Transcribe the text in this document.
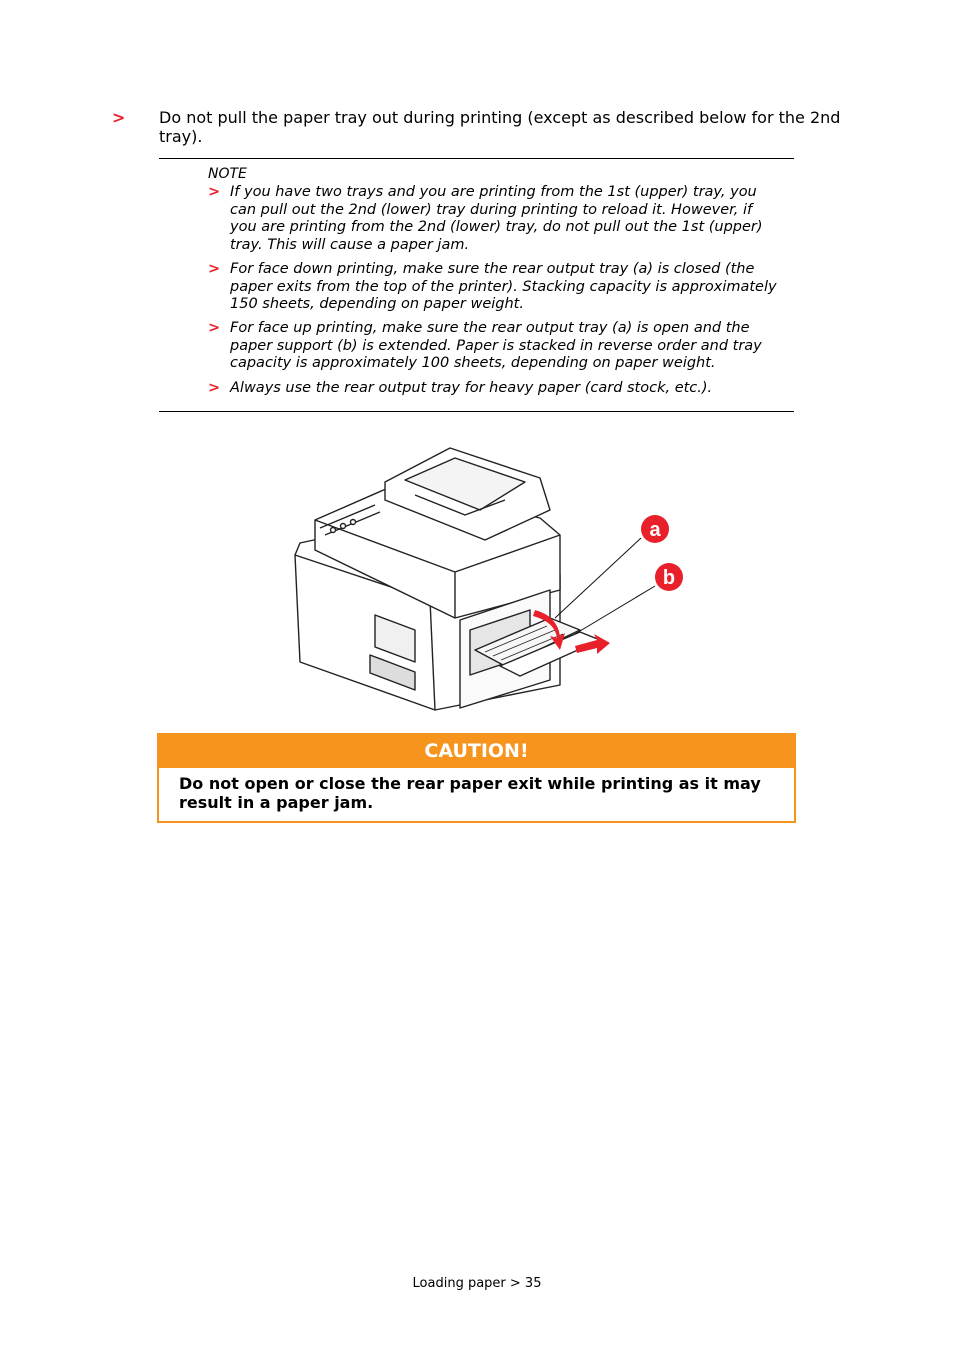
> Do not pull the paper tray out during printing (except as described below for the 2nd tray).
NOTE
> If you have two trays and you are printing from the 1st (upper) tray, you can pull out the 2nd (lower) tray during printing to reload it. However, if you are printing from the 2nd (lower) tray, do not pull out the 1st (upper) tray. This will cause a paper jam.
> For face down printing, make sure the rear output tray (a) is closed (the paper exits from the top of the printer). Stacking capacity is approximately 150 sheets, depending on paper weight.
> For face up printing, make sure the rear output tray (a) is open and the paper support (b) is extended. Paper is stacked in reverse order and tray capacity is approximately 100 sheets, depending on paper weight.
> Always use the rear output tray for heavy paper (card stock, etc.).
a
b
CAUTION!
Do not open or close the rear paper exit while printing as it may result in a paper jam.
Loading paper > 35
